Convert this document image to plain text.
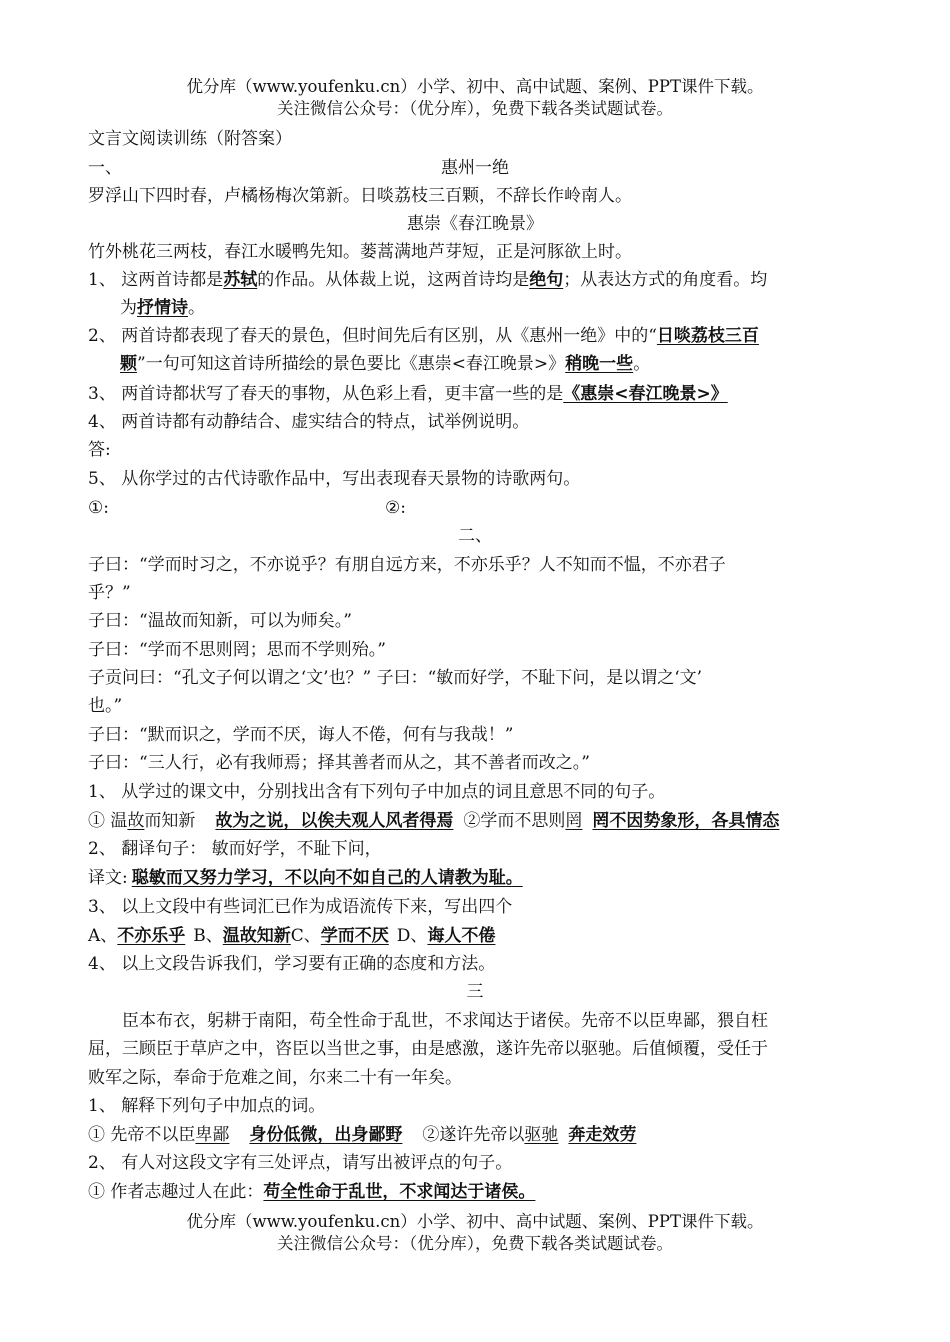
优分库（www.youfenku.cn）小学、初中、高中试题、案例、PPT课件下载。
关注微信公众号：（优分库），免费下载各类试题试卷。
文言文阅读训练（附答案）
一、	惠州一绝
罗浮山下四时春，卢橘杨梅次第新。日啖荔枝三百颗，不辞长作岭南人。
惠崇《春江晚景》
竹外桃花三两枝，春江水暖鸭先知。蒌蒿满地芦芽短，正是河豚欲上时。
1、 这两首诗都是苏轼的作品。从体裁上说，这两首诗均是绝句；从表达方式的角度看。均
为抒情诗。
2、 两首诗都表现了春天的景色，但时间先后有区别，从《惠州一绝》中的“日啖荔枝三百
颗”一句可知这首诗所描绘的景色要比《惠崇<春江晚景>》稍晚一些。
3、 两首诗都状写了春天的事物，从色彩上看，更丰富一些的是《惠崇<春江晚景>》
4、 两首诗都有动静结合、虚实结合的特点，试举例说明。
答:
5、 从你学过的古代诗歌作品中，写出表现春天景物的诗歌两句。
①:	②:
二、
子曰：“学而时习之，不亦说乎？有朋自远方来，不亦乐乎？人不知而不愠，不亦君子
乎？”
子曰：“温故而知新，可以为师矣。”
子曰：“学而不思则罔；思而不学则殆。”
子贡问曰：“孔文子何以谓之‘文’也？” 子曰：“敏而好学，不耻下问，是以谓之‘文’
也。”
子曰：“默而识之，学而不厌，诲人不倦，何有与我哉！”
子曰：“三人行，必有我师焉；择其善者而从之，其不善者而改之。”
1、 从学过的课文中，分别找出含有下列句子中加点的词且意思不同的句子。
① 温故而知新 故为之说，以俟夫观人风者得焉 ②学而不思则罔 罔不因势象形，各具情态
2、 翻译句子： 敏而好学，不耻下问，
译文: 聪敏而又努力学习，不以向不如自己的人请教为耻。
3、 以上文段中有些词汇已作为成语流传下来，写出四个
A、不亦乐乎 B、温故知新C、学而不厌 D、诲人不倦
4、 以上文段告诉我们，学习要有正确的态度和方法。
三
臣本布衣，躬耕于南阳，苟全性命于乱世，不求闻达于诸侯。先帝不以臣卑鄙，猥自枉
屈，三顾臣于草庐之中，咨臣以当世之事，由是感激，遂许先帝以驱驰。后值倾覆，受任于
败军之际，奉命于危难之间，尔来二十有一年矣。
1、 解释下列句子中加点的词。
① 先帝不以臣卑鄙 身份低微，出身鄙野 ②遂许先帝以驱驰 奔走效劳
2、 有人对这段文字有三处评点，请写出被评点的句子。
① 作者志趣过人在此：苟全性命于乱世，不求闻达于诸侯。
优分库（www.youfenku.cn）小学、初中、高中试题、案例、PPT课件下载。
关注微信公众号：（优分库），免费下载各类试题试卷。
